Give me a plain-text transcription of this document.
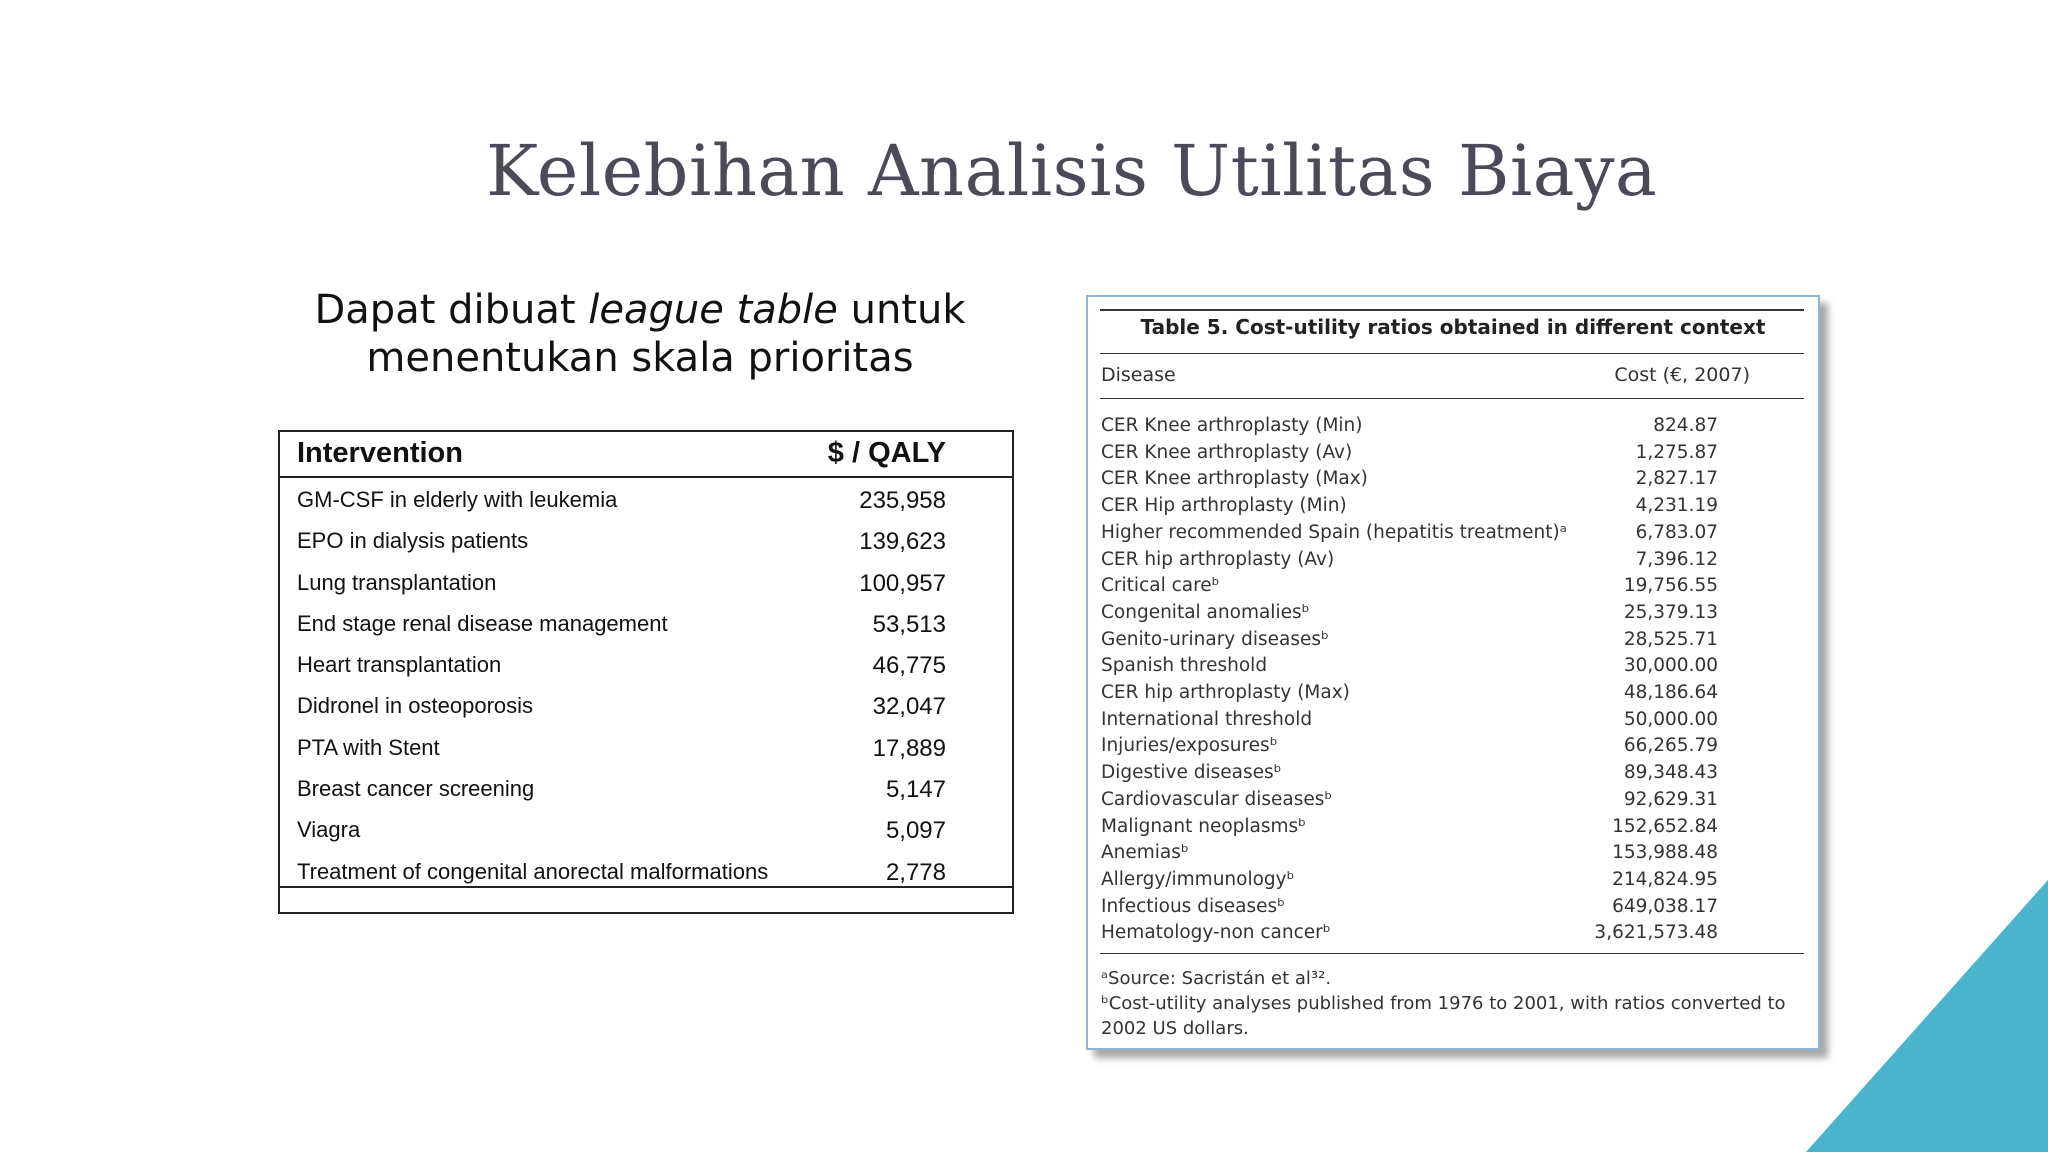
Kelebihan Analisis Utilitas Biaya
Dapat dibuat league table untuk menentukan skala prioritas
Intervention	$ / QALY
GM-CSF in elderly with leukemia	235,958
EPO in dialysis patients	139,623
Lung transplantation	100,957
End stage renal disease management	53,513
Heart transplantation	46,775
Didronel in osteoporosis	32,047
PTA with Stent	17,889
Breast cancer screening	5,147
Viagra	5,097
Treatment of congenital anorectal malformations	2,778
Table 5. Cost-utility ratios obtained in different context
Disease	Cost (€, 2007)
CER Knee arthroplasty (Min)	824.87
CER Knee arthroplasty (Av)	1,275.87
CER Knee arthroplasty (Max)	2,827.17
CER Hip arthroplasty (Min)	4,231.19
Higher recommended Spain (hepatitis treatment)ᵃ	6,783.07
CER hip arthroplasty (Av)	7,396.12
Critical careᵇ	19,756.55
Congenital anomaliesᵇ	25,379.13
Genito-urinary diseasesᵇ	28,525.71
Spanish threshold	30,000.00
CER hip arthroplasty (Max)	48,186.64
International threshold	50,000.00
Injuries/exposuresᵇ	66,265.79
Digestive diseasesᵇ	89,348.43
Cardiovascular diseasesᵇ	92,629.31
Malignant neoplasmsᵇ	152,652.84
Anemiasᵇ	153,988.48
Allergy/immunologyᵇ	214,824.95
Infectious diseasesᵇ	649,038.17
Hematology-non cancerᵇ	3,621,573.48
ᵃSource: Sacristán et al³².
ᵇCost-utility analyses published from 1976 to 2001, with ratios converted to 2002 US dollars.
